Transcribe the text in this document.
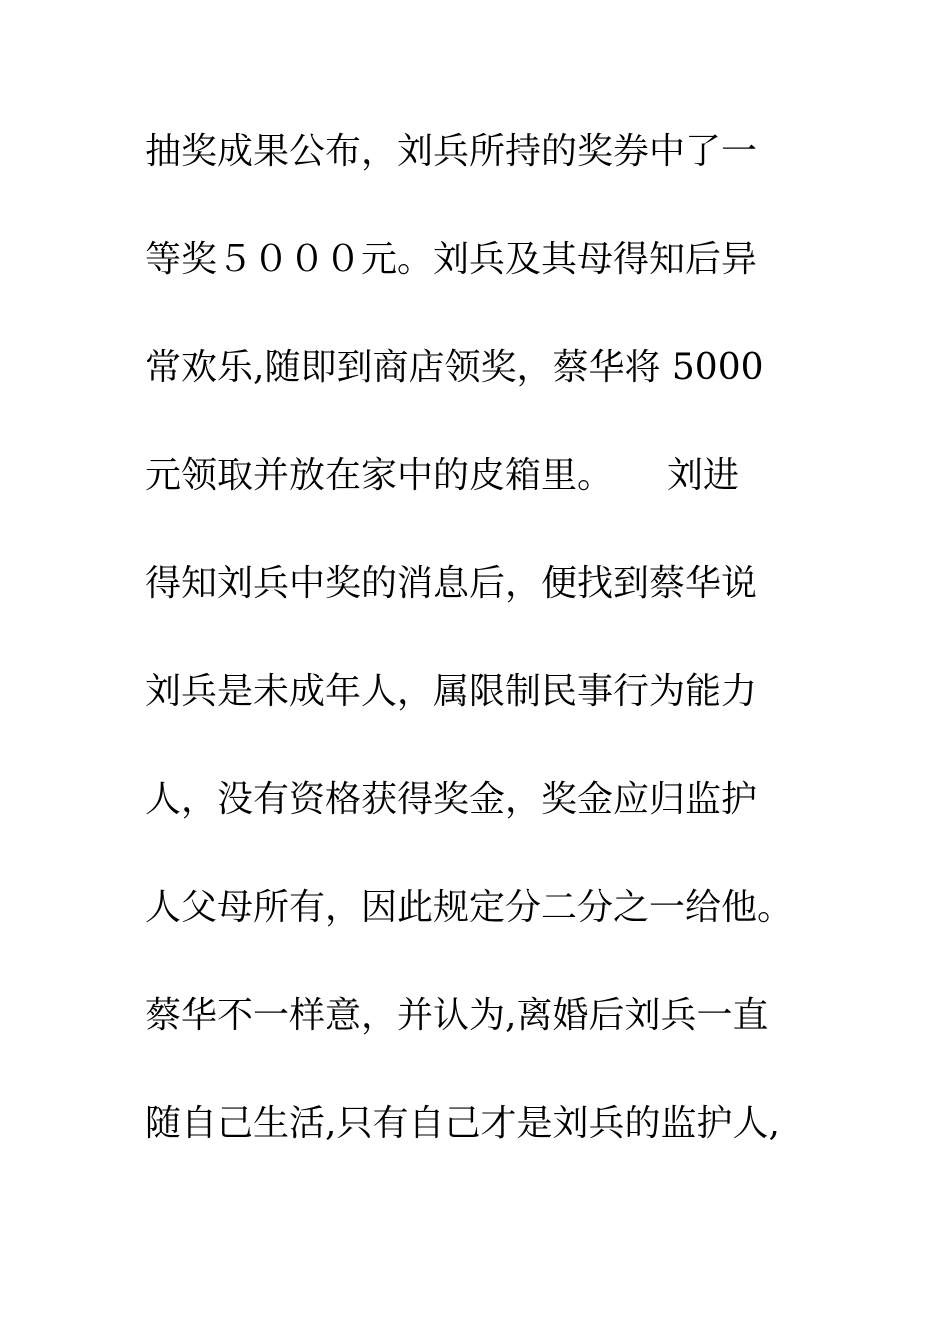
抽奖成果公布，刘兵所持的奖券中了一
等奖５０００元。刘兵及其母得知后异
常欢乐,随即到商店领奖，蔡华将 5000
元领取并放在家中的皮箱里。　　刘进
得知刘兵中奖的消息后，便找到蔡华说
刘兵是未成年人，属限制民事行为能力
人，没有资格获得奖金，奖金应归监护
人父母所有，因此规定分二分之一给他。
蔡华不一样意，并认为,离婚后刘兵一直
随自己生活,只有自己才是刘兵的监护人,
